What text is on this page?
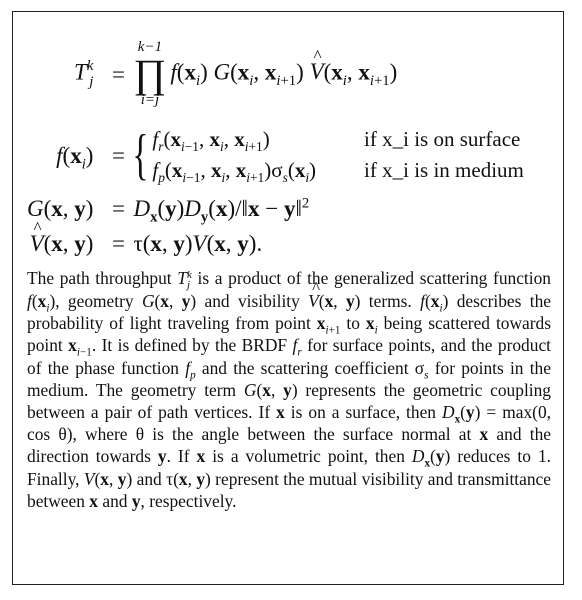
T k
j	=	
k−1
∏
i=j
$f(x_i)$ $G(x_i$, $x_{i+1}$) ^ $V(x_i$, $x_{i+1}$)
$f(x_i)$	=	{ $f_r(x_{i-1}$, $x_i$, $x_{i+1}$)	if x_i is on surface
$f_p(x_{i-1}$, $x_i$, $x_{i+1})\sigma_s(x_i)$	if x_i is in medium
G(x, y)	=	$D_x(y)D_y(x)/‖x$ − y‖$^2$
^ V(x, y)	=	τ(x, y)V(x, y).
The path throughput T k
j is a product of the generalized scattering function $f(x_i)$, geometry G(x, y) and visibility ^ V(x, y) terms. $f(x_i)$ describes the probability of light traveling from point $x_{i+1}$ to $x_i$ being scattered towards point $x_{i-1}$. It is defined by the BRDF $f_r$ for surface points, and the product of the phase function $f_p$ and the scattering coefficient $\sigma_s$ for points in the medium. The geometry term G(x, y) represents the geometric coupling between a pair of path vertices. If x is on a surface, then $D_x(y) = \max(0$, cos θ), where θ is the angle between the surface normal at x and the direction towards y. If x is a volumetric point, then $D_x(y)$ reduces to 1. Finally, V(x, y) and τ(x, y) represent the mutual visibility and transmittance between x and y, respectively.
